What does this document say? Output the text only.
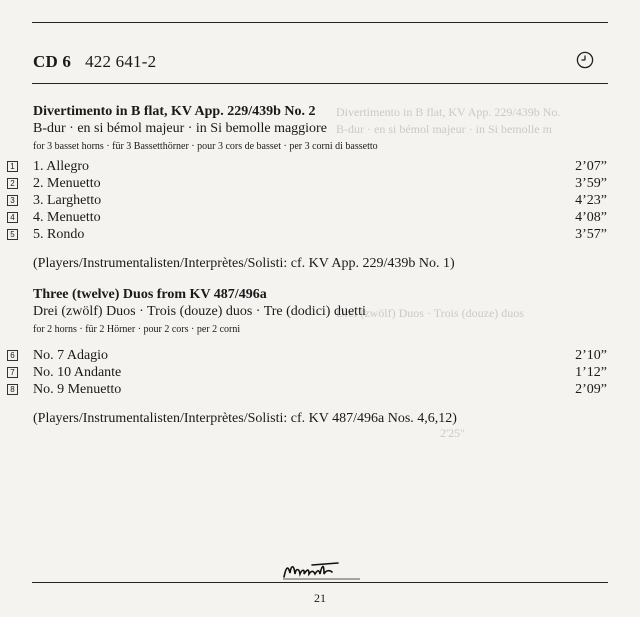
CD 6 422 641-2
Divertimento in B flat, KV App. 229/439b No.
B-dur · en si bémol majeur · in Si bemolle m
Drei (zwölf) Duos · Trois (douze) duos
2'25"
Divertimento in B flat, KV App. 229/439b No. 2
B-dur · en si bémol majeur · in Si bemolle maggiore
for 3 basset horns · für 3 Bassetthörner · pour 3 cors de basset · per 3 corni di bassetto
1 1. Allegro	2’07”
2 2. Menuetto	3’59”
3 3. Larghetto	4’23”
4 4. Menuetto	4’08”
5 5. Rondo	3’57”
(Players/Instrumentalisten/Interprètes/Solisti: cf. KV App. 229/439b No. 1)
Three (twelve) Duos from KV 487/496a
Drei (zwölf) Duos · Trois (douze) duos · Tre (dodici) duetti
for 2 horns · für 2 Hörner · pour 2 cors · per 2 corni
6 No. 7 Adagio	2’10”
7 No. 10 Andante	1’12”
8 No. 9 Menuetto	2’09”
(Players/Instrumentalisten/Interprètes/Solisti: cf. KV 487/496a Nos. 4,6,12)
21
